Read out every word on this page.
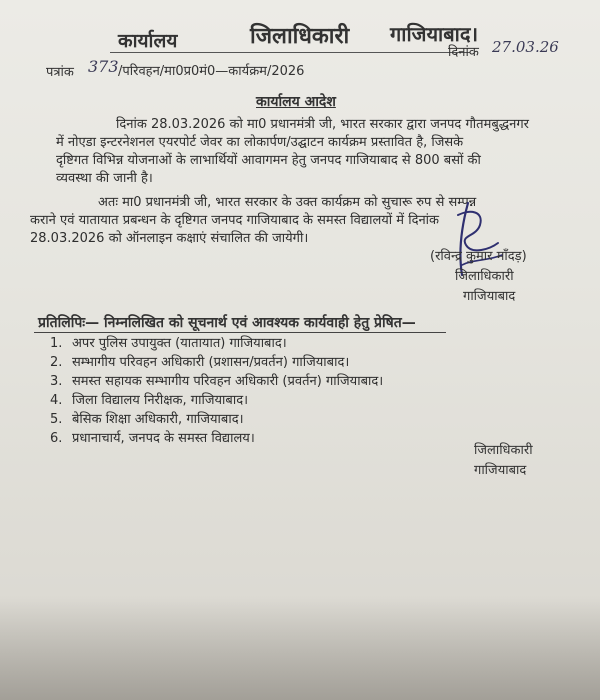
कार्यालय	जिलाधिकारी गाजियाबाद।
दिनांक 27.03.26
पत्रांक 373 /परिवहन/मा0प्र0मं0—कार्यक्रम/2026
कार्यालय आदेश
दिनांक 28.03.2026 को मा0 प्रधानमंत्री जी, भारत सरकार द्वारा जनपद गौतमबुद्धनगर
में नोएडा इन्टरनेशनल एयरपोर्ट जेवर का लोकार्पण/उद्घाटन कार्यक्रम प्रस्तावित है, जिसके
दृष्टिगत विभिन्न योजनाओं के लाभार्थियों आवागमन हेतु जनपद गाजियाबाद से 800 बसों की
व्यवस्था की जानी है।
अतः मा0 प्रधानमंत्री जी, भारत सरकार के उक्त कार्यक्रम को सुचारू रुप से सम्पन्न
कराने एवं यातायात प्रबन्धन के दृष्टिगत जनपद गाजियाबाद के समस्त विद्यालयों में दिनांक
28.03.2026 को ऑनलाइन कक्षाएं संचालित की जायेगी।
(रविन्द्र कुमार माँदड़)
जिलाधिकारी
गाजियाबाद
प्रतिलिपिः— निम्नलिखित को सूचनार्थ एवं आवश्यक कार्यवाही हेतु प्रेषित—
1. अपर पुलिस उपायुक्त (यातायात) गाजियाबाद।
2. सम्भागीय परिवहन अधिकारी (प्रशासन/प्रवर्तन) गाजियाबाद।
3. समस्त सहायक सम्भागीय परिवहन अधिकारी (प्रवर्तन) गाजियाबाद।
4. जिला विद्यालय निरीक्षक, गाजियाबाद।
5. बेसिक शिक्षा अधिकारी, गाजियाबाद।
6. प्रधानाचार्य, जनपद के समस्त विद्यालय।
जिलाधिकारी
गाजियाबाद
